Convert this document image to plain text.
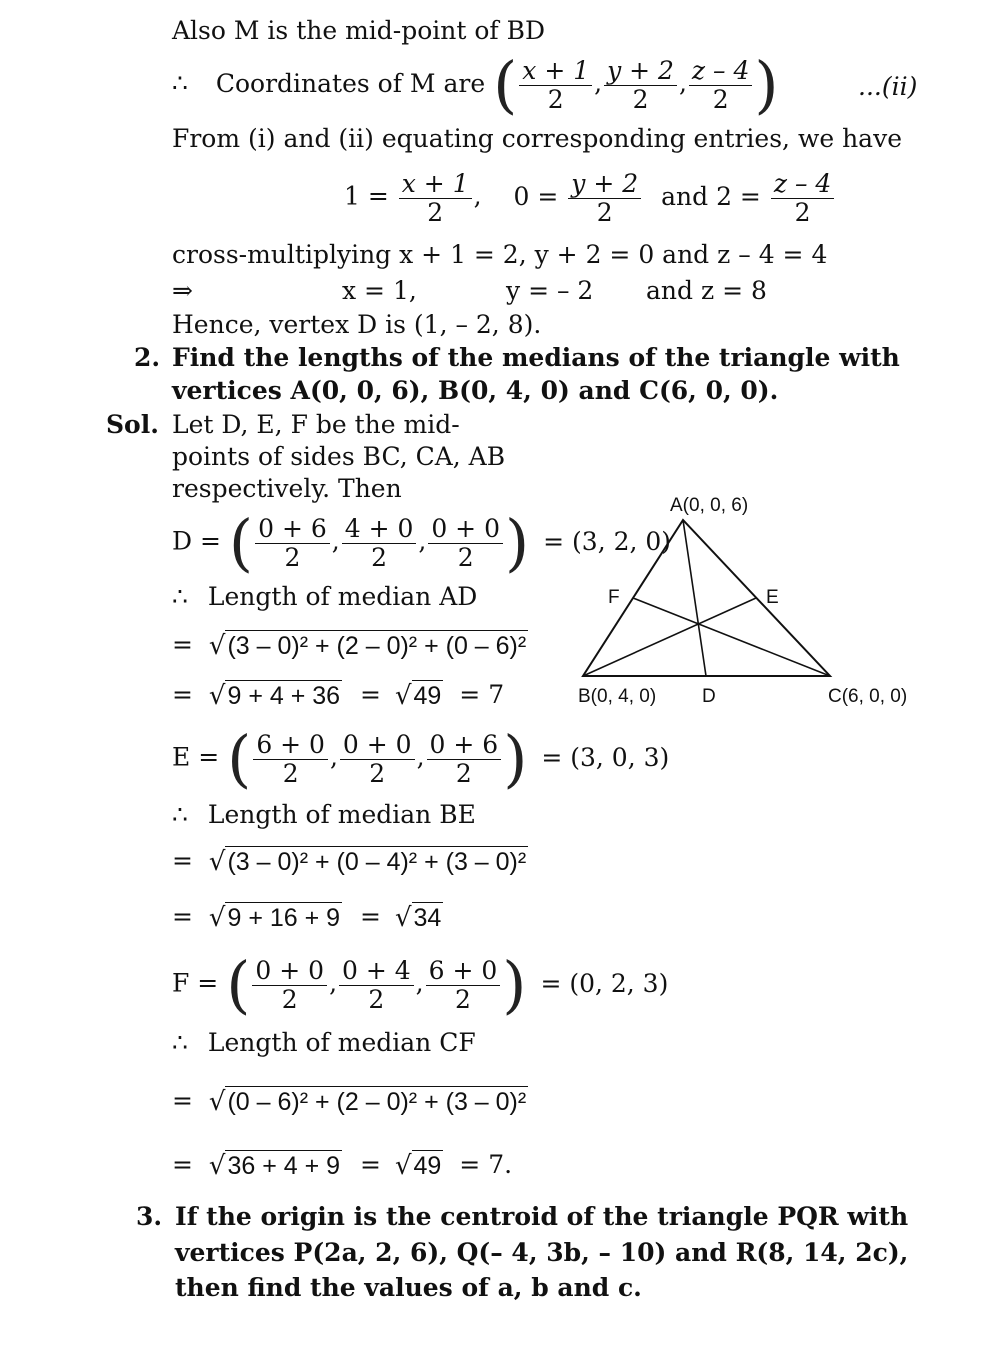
Also M is the mid-point of BD
∴ Coordinates of M are ( $\frac{x + 1}{2}$ , $\frac{y + 2}{2}$ , $\frac{z - 4}{2}$ )	...(ii)
From (i) and (ii) equating corresponding entries, we have
$1 = \frac{x + 1}{2}$ , $0 = \frac{y + 2}{2}$ and $2 = \frac{z - 4}{2}$
cross-multiplying x + 1 = 2, y + 2 = 0 and z – 4 = 4
⇒	x = 1,	y = – 2 and z = 8
Hence, vertex D is (1, – 2, 8).
2. Find the lengths of the medians of the triangle with
vertices A(0, 0, 6), B(0, 4, 0) and C(6, 0, 0).
Sol. Let D, E, F be the mid-
points of sides BC, CA, AB
respectively. Then
D = ( $\frac{0 + 6}{2}$ , $\frac{4 + 0}{2}$ , $\frac{0 + 0}{2}$ ) = (3, 2, 0)
∴ Length of median AD
= √(3 – 0)² + (2 – 0)² + (0 – 6)²
= √9 + 4 + 36 = √49 = 7
E = ( $\frac{6 + 0}{2}$ , $\frac{0 + 0}{2}$ , $\frac{0 + 6}{2}$ ) = (3, 0, 3)
∴ Length of median BE
= √(3 – 0)² + (0 – 4)² + (3 – 0)²
= √9 + 16 + 9 = √34
F = ( $\frac{0 + 0}{2}$ , $\frac{0 + 4}{2}$ , $\frac{6 + 0}{2}$ ) = (0, 2, 3)
∴ Length of median CF
= √(0 – 6)² + (2 – 0)² + (3 – 0)²
= √36 + 4 + 9 = √49 = 7.
A(0, 0, 6)
B(0, 4, 0)	C(6, 0, 0)
D
E
F
3. If the origin is the centroid of the triangle PQR with
vertices P(2a, 2, 6), Q(– 4, 3b, – 10) and R(8, 14, 2c),
then find the values of a, b and c.
